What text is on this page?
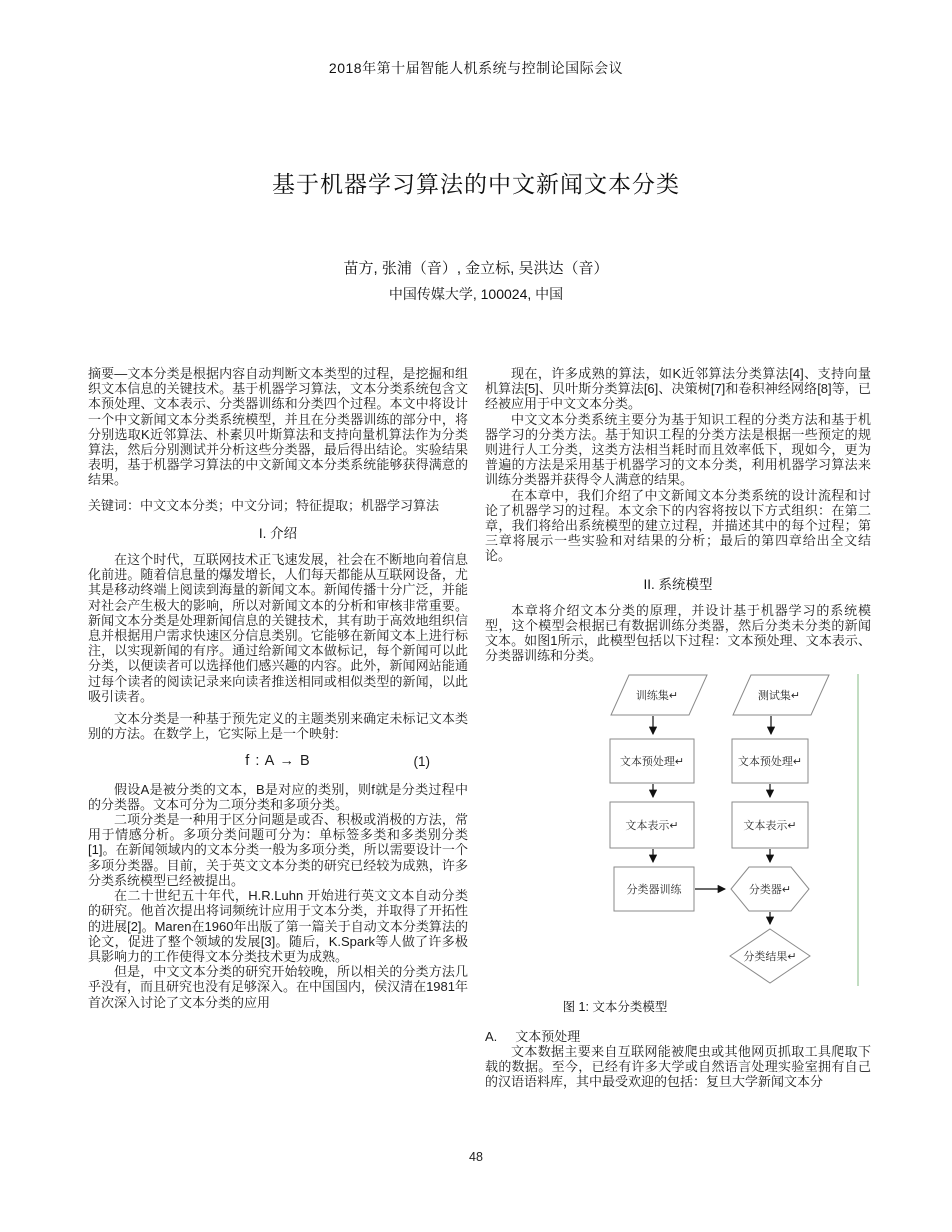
2018年第十届智能人机系统与控制论国际会议
基于机器学习算法的中文新闻文本分类
苗方, 张浦（音）, 金立标, 吴洪达（音）
中国传媒大学, 100024, 中国

摘要—文本分类是根据内容自动判断文本类型的过程，是挖掘和组织文本信息的关键技术。基于机器学习算法，文本分类系统包含文本预处理、文本表示、分类器训练和分类四个过程。本文中将设计一个中文新闻文本分类系统模型，并且在分类器训练的部分中，将分别选取K近邻算法、朴素贝叶斯算法和支持向量机算法作为分类算法，然后分别测试并分析这些分类器，最后得出结论。实验结果表明，基于机器学习算法的中文新闻文本分类系统能够获得满意的结果。

关键词：中文文本分类；中文分词；特征提取；机器学习算法

I. 介绍

在这个时代，互联网技术正飞速发展，社会在不断地向着信息化前进。随着信息量的爆发增长，人们每天都能从互联网设备，尤其是移动终端上阅读到海量的新闻文本。新闻传播十分广泛，并能对社会产生极大的影响，所以对新闻文本的分析和审核非常重要。新闻文本分类是处理新闻信息的关键技术，其有助于高效地组织信息并根据用户需求快速区分信息类别。它能够在新闻文本上进行标注，以实现新闻的有序。通过给新闻文本做标记，每个新闻可以此分类，以便读者可以选择他们感兴趣的内容。此外，新闻网站能通过每个读者的阅读记录来向读者推送相同或相似类型的新闻，以此吸引读者。

文本分类是一种基于预先定义的主题类别来确定未标记文本类别的方法。在数学上，它实际上是一个映射:

f : A → B	(1)

假设A是被分类的文本，B是对应的类别，则f就是分类过程中的分类器。文本可分为二项分类和多项分类。

二项分类是一种用于区分问题是或否、积极或消极的方法，常用于情感分析。多项分类问题可分为：单标签多类和多类别分类[1]。在新闻领域内的文本分类一般为多项分类，所以需要设计一个多项分类器。目前，关于英文文本分类的研究已经较为成熟，许多分类系统模型已经被提出。

在二十世纪五十年代，H.R.Luhn 开始进行英文文本自动分类的研究。他首次提出将词频统计应用于文本分类，并取得了开拓性的进展[2]。Maren在1960年出版了第一篇关于自动文本分类算法的论文，促进了整个领域的发展[3]。随后，K.Spark等人做了许多极具影响力的工作使得文本分类技术更为成熟。

但是，中文文本分类的研究开始较晚，所以相关的分类方法几乎没有，而且研究也没有足够深入。在中国国内，侯汉清在1981年首次深入讨论了文本分类的应用

现在，许多成熟的算法，如K近邻算法分类算法[4]、支持向量机算法[5]、贝叶斯分类算法[6]、决策树[7]和卷积神经网络[8]等，已经被应用于中文文本分类。

中文文本分类系统主要分为基于知识工程的分类方法和基于机器学习的分类方法。基于知识工程的分类方法是根据一些预定的规则进行人工分类，这类方法相当耗时而且效率低下，现如今，更为普遍的方法是采用基于机器学习的文本分类，利用机器学习算法来训练分类器并获得令人满意的结果。

在本章中，我们介绍了中文新闻文本分类系统的设计流程和讨论了机器学习的过程。本文余下的内容将按以下方式组织：在第二章，我们将给出系统模型的建立过程，并描述其中的每个过程；第三章将展示一些实验和对结果的分析；最后的第四章给出全文结论。

II. 系统模型

本章将介绍文本分类的原理，并设计基于机器学习的系统模型，这个模型会根据已有数据训练分类器，然后分类未分类的新闻文本。如图1所示，此模型包括以下过程：文本预处理、文本表示、分类器训练和分类。

训练集↵	测试集↵
文本预处理↵	文本预处理↵
文本表示↵	文本表示↵
分类器训练	分类器↵
分类结果↵
图 1: 文本分类模型
A. 文本预处理

文本数据主要来自互联网能被爬虫或其他网页抓取工具爬取下载的数据。至今，已经有许多大学或自然语言处理实验室拥有自己的汉语语料库，其中最受欢迎的包括：复旦大学新闻文本分

48
